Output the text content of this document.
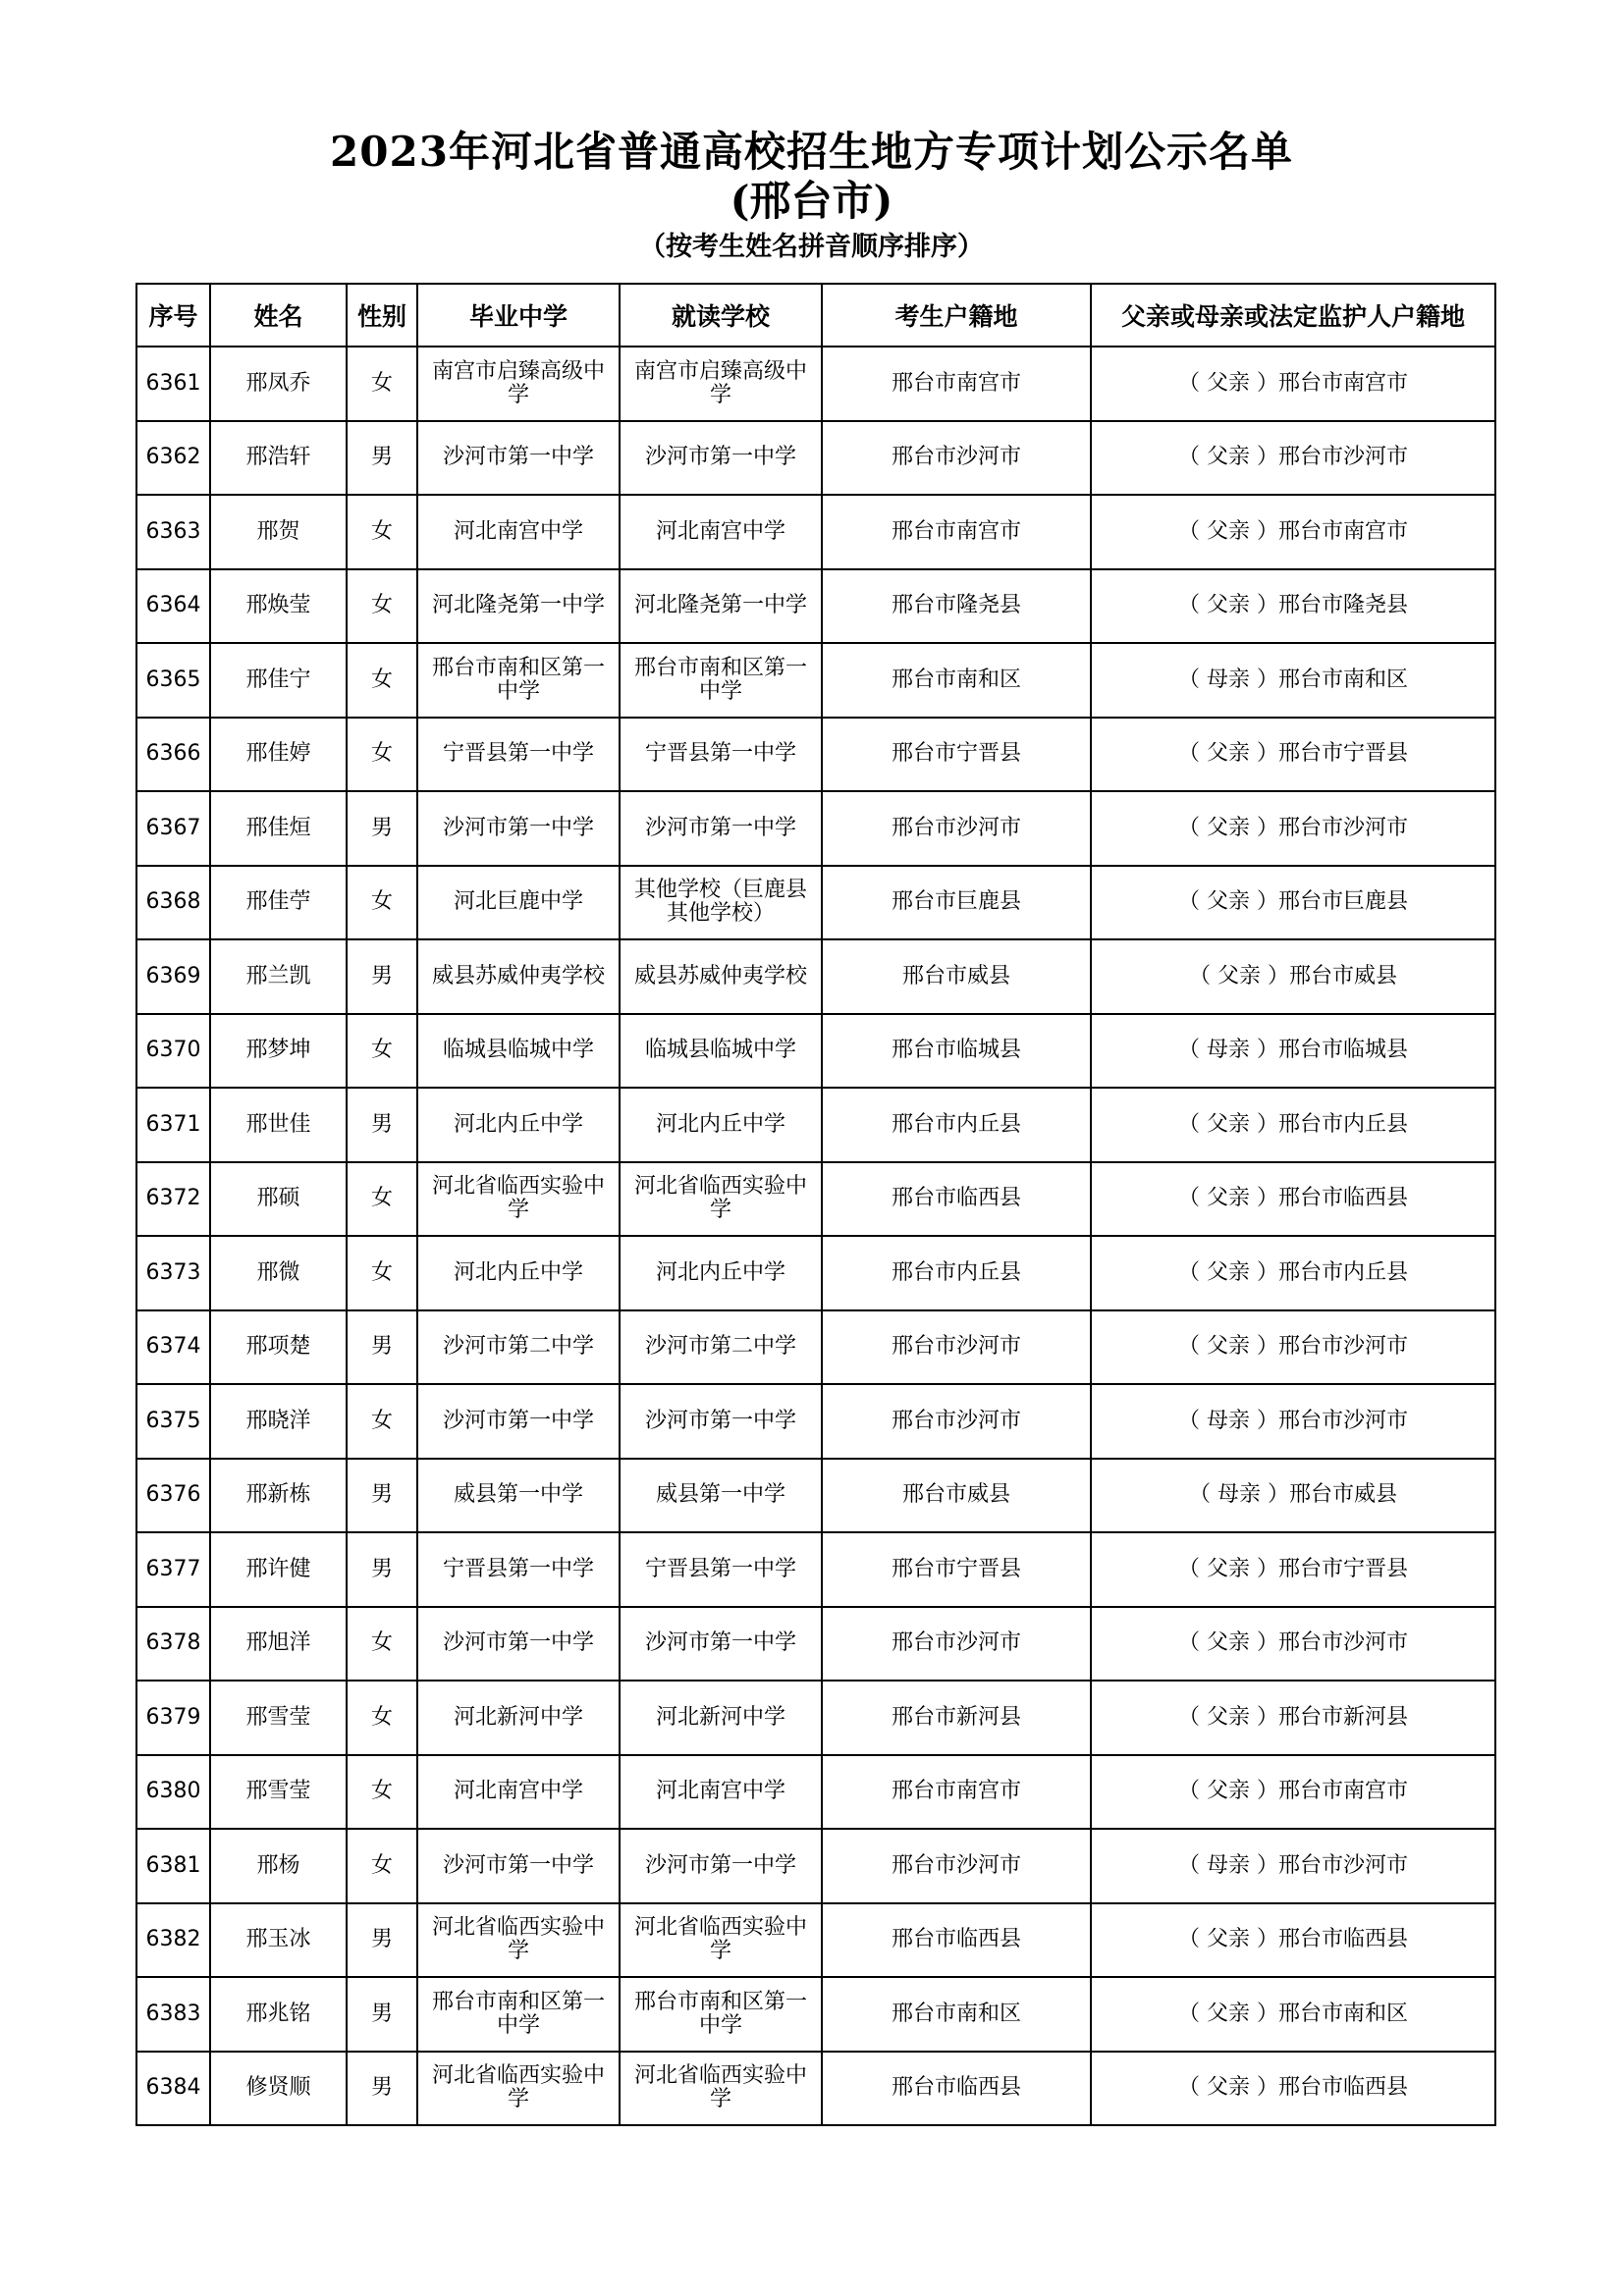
2023年河北省普通高校招生地方专项计划公示名单
(邢台市)
（按考生姓名拼音顺序排序）
序号	姓名	性别	毕业中学	就读学校	考生户籍地	父亲或母亲或法定监护人户籍地
6361	邢凤乔	女	南宫市启臻高级中学	南宫市启臻高级中学	邢台市南宫市	（ 父亲 ）邢台市南宫市
6362	邢浩轩	男	沙河市第一中学	沙河市第一中学	邢台市沙河市	（ 父亲 ）邢台市沙河市
6363	邢贺	女	河北南宫中学	河北南宫中学	邢台市南宫市	（ 父亲 ）邢台市南宫市
6364	邢焕莹	女	河北隆尧第一中学	河北隆尧第一中学	邢台市隆尧县	（ 父亲 ）邢台市隆尧县
6365	邢佳宁	女	邢台市南和区第一中学	邢台市南和区第一中学	邢台市南和区	（ 母亲 ）邢台市南和区
6366	邢佳婷	女	宁晋县第一中学	宁晋县第一中学	邢台市宁晋县	（ 父亲 ）邢台市宁晋县
6367	邢佳烜	男	沙河市第一中学	沙河市第一中学	邢台市沙河市	（ 父亲 ）邢台市沙河市
6368	邢佳苧	女	河北巨鹿中学	其他学校（巨鹿县其他学校）	邢台市巨鹿县	（ 父亲 ）邢台市巨鹿县
6369	邢兰凯	男	威县苏威仲夷学校	威县苏威仲夷学校	邢台市威县	（ 父亲 ）邢台市威县
6370	邢梦坤	女	临城县临城中学	临城县临城中学	邢台市临城县	（ 母亲 ）邢台市临城县
6371	邢世佳	男	河北内丘中学	河北内丘中学	邢台市内丘县	（ 父亲 ）邢台市内丘县
6372	邢硕	女	河北省临西实验中学	河北省临西实验中学	邢台市临西县	（ 父亲 ）邢台市临西县
6373	邢微	女	河北内丘中学	河北内丘中学	邢台市内丘县	（ 父亲 ）邢台市内丘县
6374	邢项楚	男	沙河市第二中学	沙河市第二中学	邢台市沙河市	（ 父亲 ）邢台市沙河市
6375	邢晓洋	女	沙河市第一中学	沙河市第一中学	邢台市沙河市	（ 母亲 ）邢台市沙河市
6376	邢新栋	男	威县第一中学	威县第一中学	邢台市威县	（ 母亲 ）邢台市威县
6377	邢许健	男	宁晋县第一中学	宁晋县第一中学	邢台市宁晋县	（ 父亲 ）邢台市宁晋县
6378	邢旭洋	女	沙河市第一中学	沙河市第一中学	邢台市沙河市	（ 父亲 ）邢台市沙河市
6379	邢雪莹	女	河北新河中学	河北新河中学	邢台市新河县	（ 父亲 ）邢台市新河县
6380	邢雪莹	女	河北南宫中学	河北南宫中学	邢台市南宫市	（ 父亲 ）邢台市南宫市
6381	邢杨	女	沙河市第一中学	沙河市第一中学	邢台市沙河市	（ 母亲 ）邢台市沙河市
6382	邢玉冰	男	河北省临西实验中学	河北省临西实验中学	邢台市临西县	（ 父亲 ）邢台市临西县
6383	邢兆铭	男	邢台市南和区第一中学	邢台市南和区第一中学	邢台市南和区	（ 父亲 ）邢台市南和区
6384	修贤顺	男	河北省临西实验中学	河北省临西实验中学	邢台市临西县	（ 父亲 ）邢台市临西县
